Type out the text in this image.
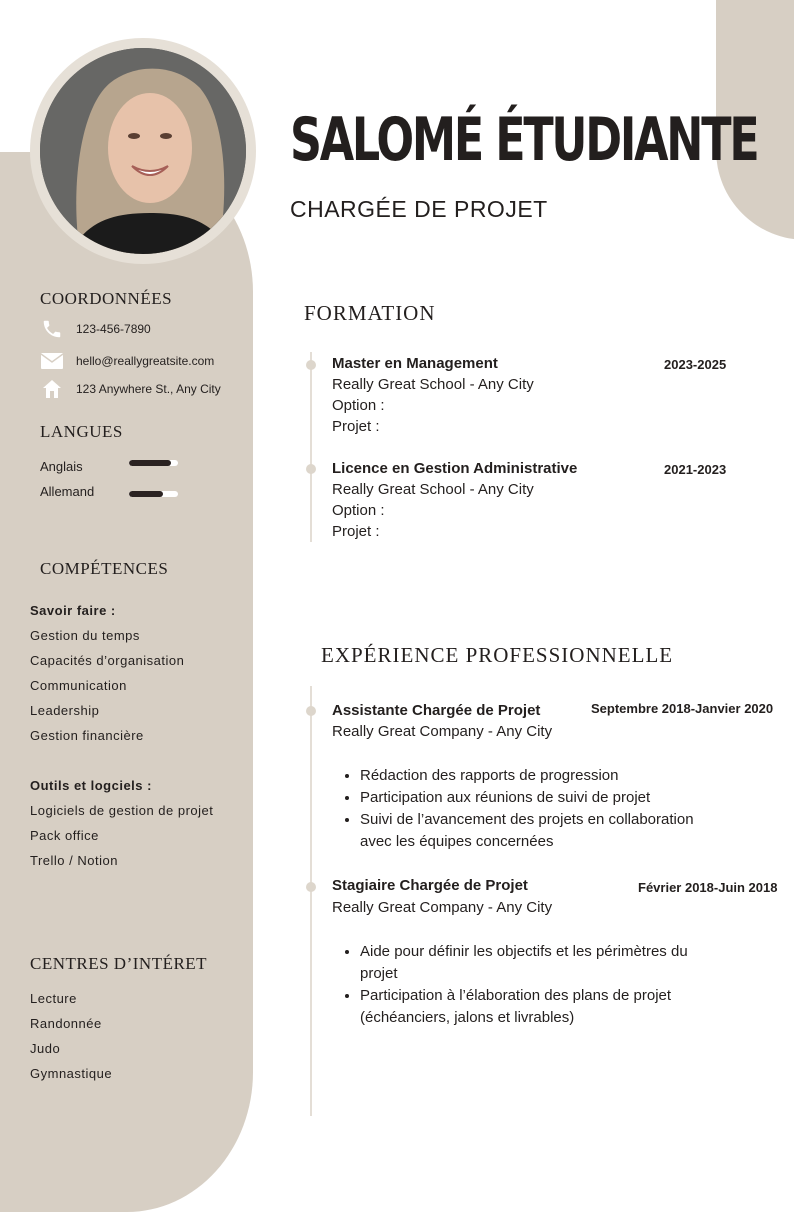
SALOMÉ ÉTUDIANTE
CHARGÉE DE PROJET
COORDONNÉES
123-456-7890
hello@reallygreatsite.com
123 Anywhere St., Any City
LANGUES
Anglais
Allemand
COMPÉTENCES
Savoir faire :
Gestion du temps
Capacités d’organisation
Communication
Leadership
Gestion financière
Outils et logciels :
Logiciels de gestion de projet
Pack office
Trello / Notion
CENTRES D’INTÉRET
Lecture
Randonnée
Judo
Gymnastique
FORMATION
Master en Management	2023-2025
Really Great School - Any City
Option :
Projet :
Licence en Gestion Administrative	2021-2023
Really Great School - Any City
Option :
Projet :
EXPÉRIENCE PROFESSIONNELLE
Assistante Chargée de Projet	Septembre 2018-Janvier 2020
Really Great Company - Any City
• Rédaction des rapports de progression
• Participation aux réunions de suivi de projet
• Suivi de l’avancement des projets en collaboration avec les équipes concernées
Stagiaire Chargée de Projet	Février 2018-Juin 2018
Really Great Company - Any City
• Aide pour définir les objectifs et les périmètres du projet
• Participation à l’élaboration des plans de projet (échéanciers, jalons et livrables)
